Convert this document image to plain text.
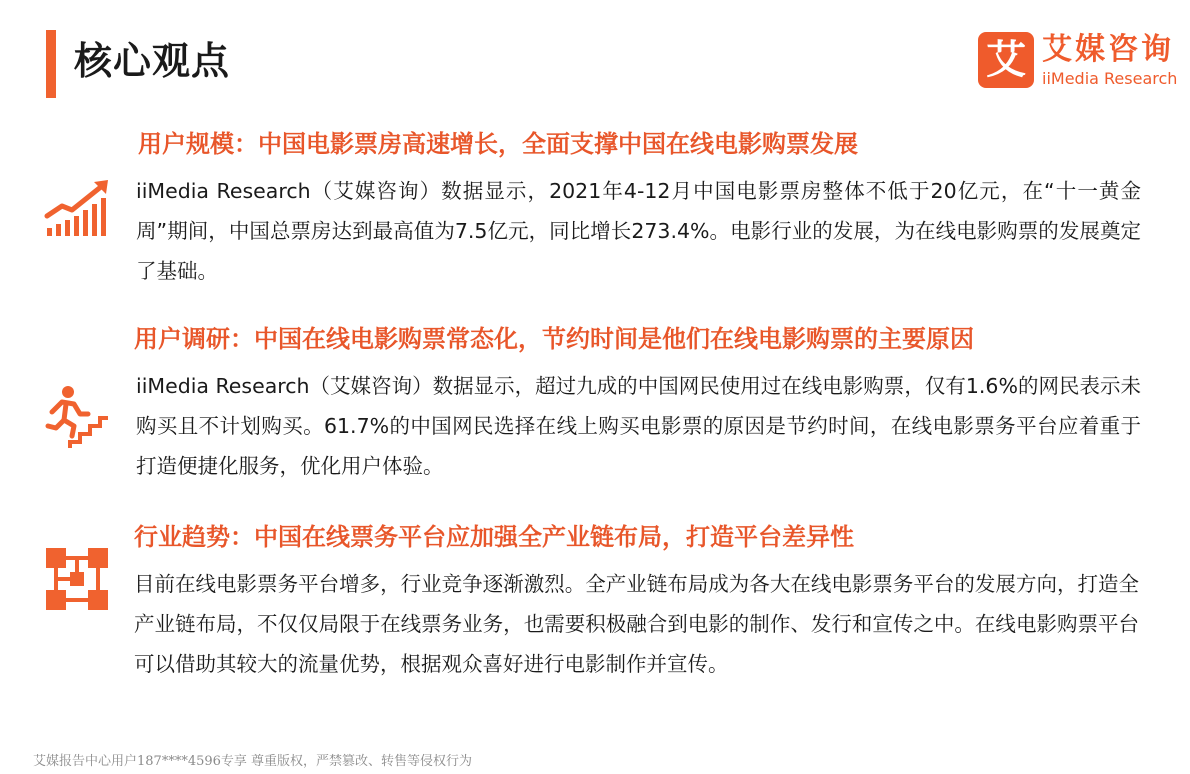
核心观点	艾 艾媒咨询
iiMedia Research
用户规模：中国电影票房高速增长，全面支撑中国在线电影购票发展
iiMedia Research（艾媒咨询）数据显示，2021年4-12月中国电影票房整体不低于20亿元，在“十一黄金周”期间，中国总票房达到最高值为7.5亿元，同比增长273.4%。电影行业的发展，为在线电影购票的发展奠定了基础。
用户调研：中国在线电影购票常态化，节约时间是他们在线电影购票的主要原因
iiMedia Research（艾媒咨询）数据显示，超过九成的中国网民使用过在线电影购票，仅有1.6%的网民表示未购买且不计划购买。61.7%的中国网民选择在线上购买电影票的原因是节约时间，在线电影票务平台应着重于打造便捷化服务，优化用户体验。
行业趋势：中国在线票务平台应加强全产业链布局，打造平台差异性
目前在线电影票务平台增多，行业竞争逐渐激烈。全产业链布局成为各大在线电影票务平台的发展方向，打造全产业链布局，不仅仅局限于在线票务业务，也需要积极融合到电影的制作、发行和宣传之中。在线电影购票平台可以借助其较大的流量优势，根据观众喜好进行电影制作并宣传。
艾媒报告中心用户187****4596专享 尊重版权，严禁篡改、转售等侵权行为
